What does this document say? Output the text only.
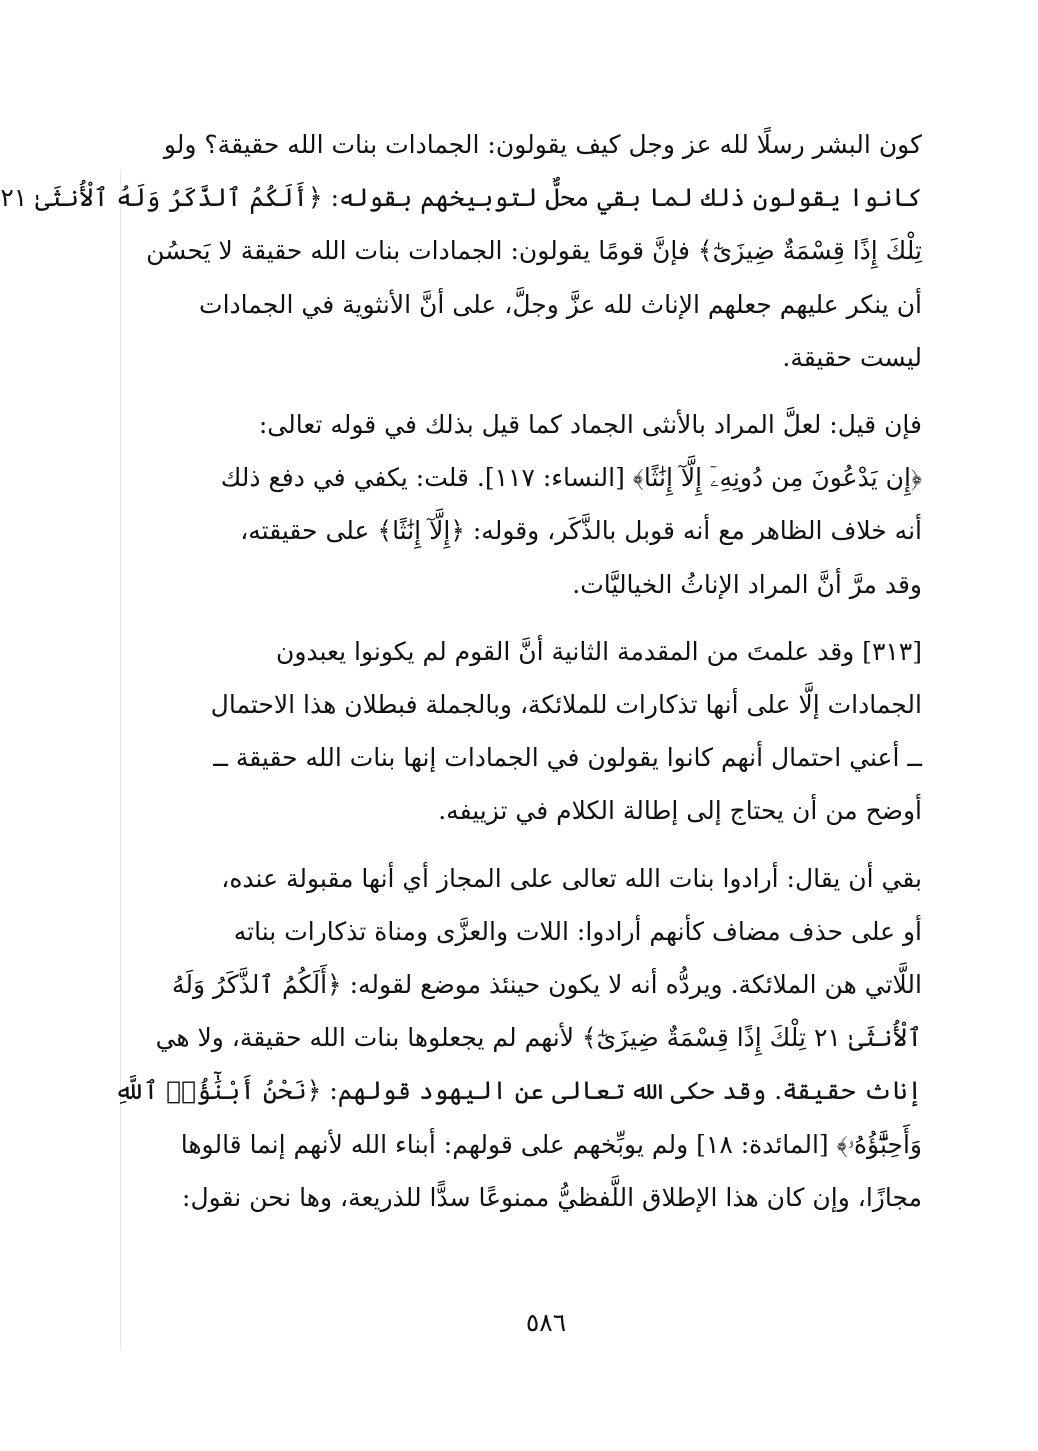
كون البشر رسلًا لله عز وجل كيف يقولون: الجمادات بنات الله حقيقة؟ ولو
كانوا يقولون ذلك لما بقي محلٌّ لتوبيخهم بقوله: ﴿أَلَكُمُ ٱلذَّكَرُ وَلَهُ ٱلْأُنثَىٰ ٢١
تِلْكَ إِذًا قِسْمَةٌ ضِيزَىٰٓ﴾ فإنَّ قومًا يقولون: الجمادات بنات الله حقيقة لا يَحسُن
أن ينكر عليهم جعلهم الإناث لله عزَّ وجلَّ، على أنَّ الأنثوية في الجمادات
ليست حقيقة.

فإن قيل: لعلَّ المراد بالأنثى الجماد كما قيل بذلك في قوله تعالى:
﴿إِن يَدْعُونَ مِن دُونِهِۦٓ إِلَّآ إِنَٰثًا﴾ [النساء: ١١٧]. قلت: يكفي في دفع ذلك
أنه خلاف الظاهر مع أنه قوبل بالذَّكَر، وقوله: ﴿إِلَّآ إِنَٰثًا﴾ على حقيقته،
وقد مرَّ أنَّ المراد الإناثُ الخياليَّات.

[٣١٣] وقد علمتَ من المقدمة الثانية أنَّ القوم لم يكونوا يعبدون
الجمادات إلَّا على أنها تذكارات للملائكة، وبالجملة فبطلان هذا الاحتمال
ــ أعني احتمال أنهم كانوا يقولون في الجمادات إنها بنات الله حقيقة ــ
أوضح من أن يحتاج إلى إطالة الكلام في تزييفه.

بقي أن يقال: أرادوا بنات الله تعالى على المجاز أي أنها مقبولة عنده،
أو على حذف مضاف كأنهم أرادوا: اللات والعزَّى ومناة تذكارات بناته
اللَّاتي هن الملائكة. ويردُّه أنه لا يكون حينئذ موضع لقوله: ﴿أَلَكُمُ ٱلذَّكَرُ وَلَهُ
ٱلْأُنثَىٰ ٢١ تِلْكَ إِذًا قِسْمَةٌ ضِيزَىٰٓ﴾ لأنهم لم يجعلوها بنات الله حقيقة، ولا هي
إناث حقيقة. وقد حكى الله تعالى عن اليهود قولهم: ﴿نَحْنُ أَبْنَٰٓؤُا۟ ٱللَّهِ
وَأَحِبَّٰٓؤُهُۥ﴾ [المائدة: ١٨] ولم يوبِّخهم على قولهم: أبناء الله لأنهم إنما قالوها
مجازًا، وإن كان هذا الإطلاق اللَّفظيُّ ممنوعًا سدًّا للذريعة، وها نحن نقول:

٥٨٦
